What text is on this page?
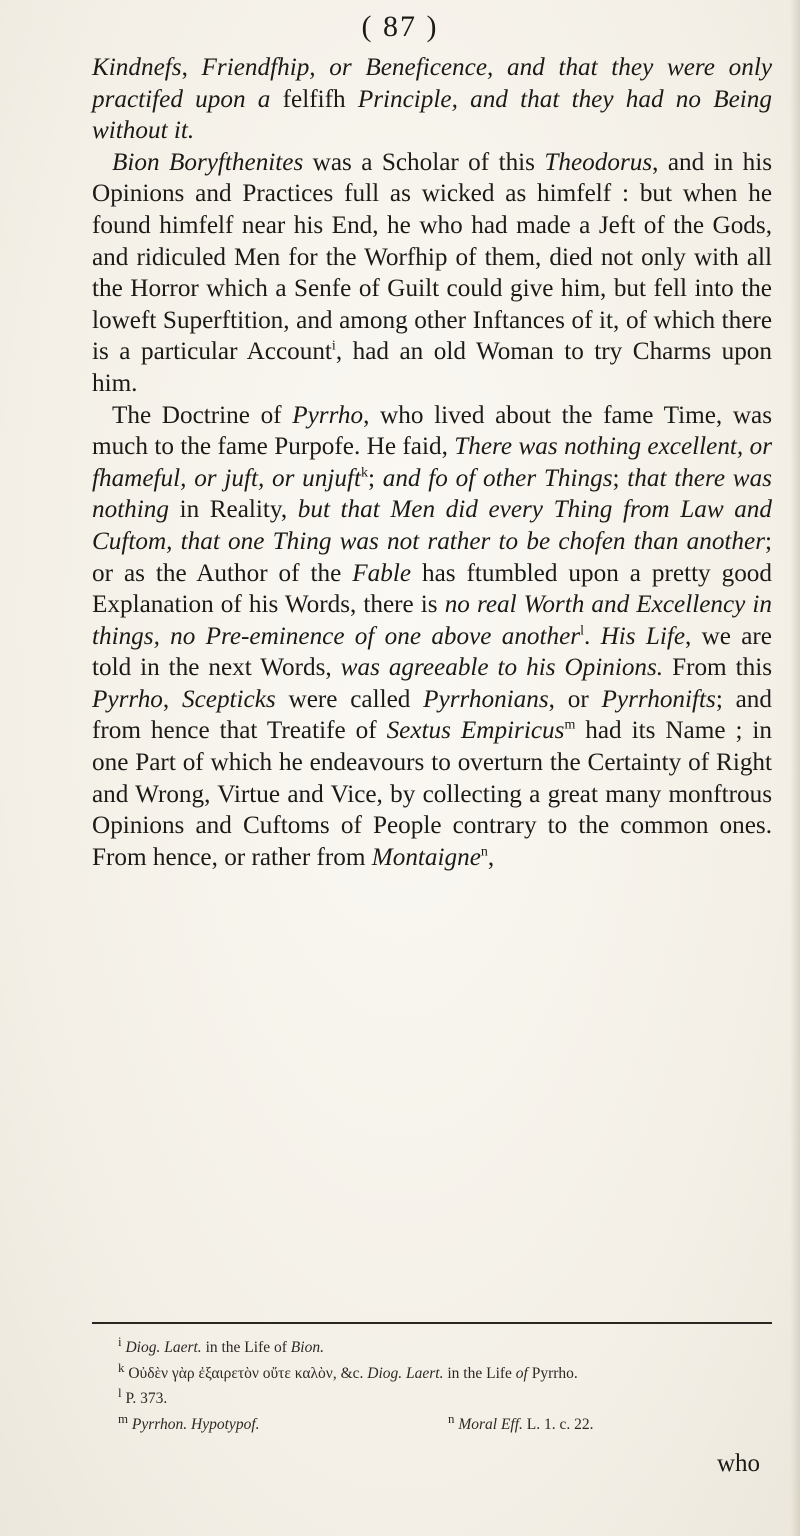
( 87 )

Kindnefs, Friendfhip, or Beneficence, and that they were only practifed upon a felfifh Principle, and that they had no Being without it.

Bion Boryfthenites was a Scholar of this Theodorus, and in his Opinions and Practices full as wicked as himfelf : but when he found himfelf near his End, he who had made a Jeft of the Gods, and ridiculed Men for the Worfhip of them, died not only with all the Horror which a Senfe of Guilt could give him, but fell into the loweft Superftition, and among other Inftances of it, of which there is a particular Account$^i$, had an old Woman to try Charms upon him.

The Doctrine of Pyrrho, who lived about the fame Time, was much to the fame Purpofe. He faid, There was nothing excellent, or fhameful, or juft, or unjuft$^k$; and fo of other Things; that there was nothing in Reality, but that Men did every Thing from Law and Cuftom, that one Thing was not rather to be chofen than another; or as the Author of the Fable has ftumbled upon a pretty good Explanation of his Words, there is no real Worth and Excellency in things, no Pre-eminence of one above another$^l$. His Life, we are told in the next Words, was agreeable to his Opinions. From this Pyrrho, Scepticks were called Pyrrhonians, or Pyrrhonifts; and from hence that Treatife of Sextus Empiricus$^m$ had its Name ; in one Part of which he endeavours to overturn the Certainty of Right and Wrong, Virtue and Vice, by collecting a great many monftrous Opinions and Cuftoms of People contrary to the common ones. From hence, or rather from Montaigne$^n$,

$^i$ Diog. Laert. in the Life of Bion.
$^k$ Οὐδὲν γὰρ ἐξαιρετὸν οὔτε καλὸν, &c. Diog. Laert. in the Life of Pyrrho.
$^l$ P. 373.
$^m$ Pyrrhon. Hypotypof.	$^n$ Moral Eff. L. 1. c. 22.
who
